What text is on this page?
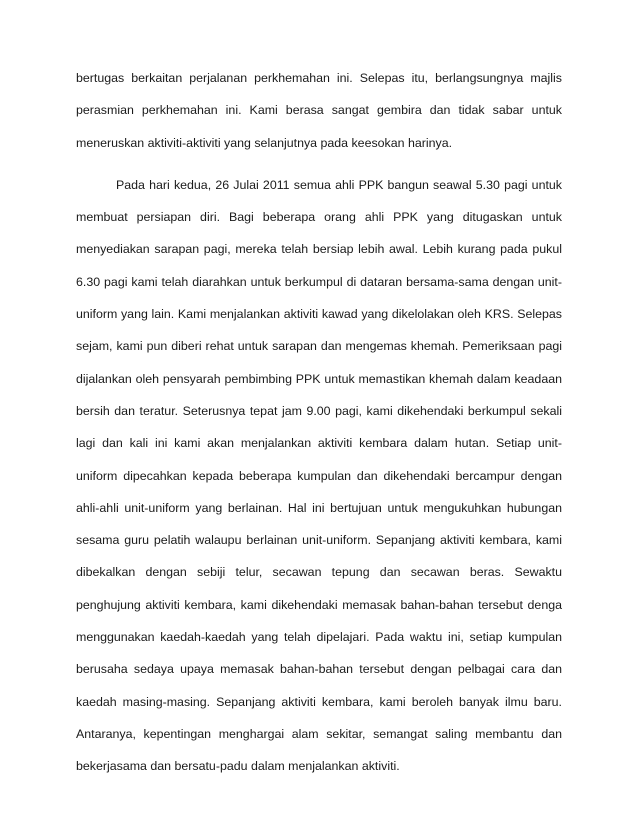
bertugas berkaitan perjalanan perkhemahan ini. Selepas itu, berlangsungnya majlis perasmian perkhemahan ini. Kami berasa sangat gembira dan tidak sabar untuk meneruskan aktiviti-aktiviti yang selanjutnya pada keesokan harinya.

Pada hari kedua, 26 Julai 2011 semua ahli PPK bangun seawal 5.30 pagi untuk membuat persiapan diri. Bagi beberapa orang ahli PPK yang ditugaskan untuk menyediakan sarapan pagi, mereka telah bersiap lebih awal. Lebih kurang pada pukul 6.30 pagi kami telah diarahkan untuk berkumpul di dataran bersama-sama dengan unit-uniform yang lain. Kami menjalankan aktiviti kawad yang dikelolakan oleh KRS. Selepas sejam, kami pun diberi rehat untuk sarapan dan mengemas khemah. Pemeriksaan pagi dijalankan oleh pensyarah pembimbing PPK untuk memastikan khemah dalam keadaan bersih dan teratur. Seterusnya tepat jam 9.00 pagi, kami dikehendaki berkumpul sekali lagi dan kali ini kami akan menjalankan aktiviti kembara dalam hutan. Setiap unit-uniform dipecahkan kepada beberapa kumpulan dan dikehendaki bercampur dengan ahli-ahli unit-uniform yang berlainan. Hal ini bertujuan untuk mengukuhkan hubungan sesama guru pelatih walaupu berlainan unit-uniform. Sepanjang aktiviti kembara, kami dibekalkan dengan sebiji telur, secawan tepung dan secawan beras. Sewaktu penghujung aktiviti kembara, kami dikehendaki memasak bahan-bahan tersebut denga menggunakan kaedah-kaedah yang telah dipelajari. Pada waktu ini, setiap kumpulan berusaha sedaya upaya memasak bahan-bahan tersebut dengan pelbagai cara dan kaedah masing-masing. Sepanjang aktiviti kembara, kami beroleh banyak ilmu baru. Antaranya, kepentingan menghargai alam sekitar, semangat saling membantu dan bekerjasama dan bersatu-padu dalam menjalankan aktiviti.
